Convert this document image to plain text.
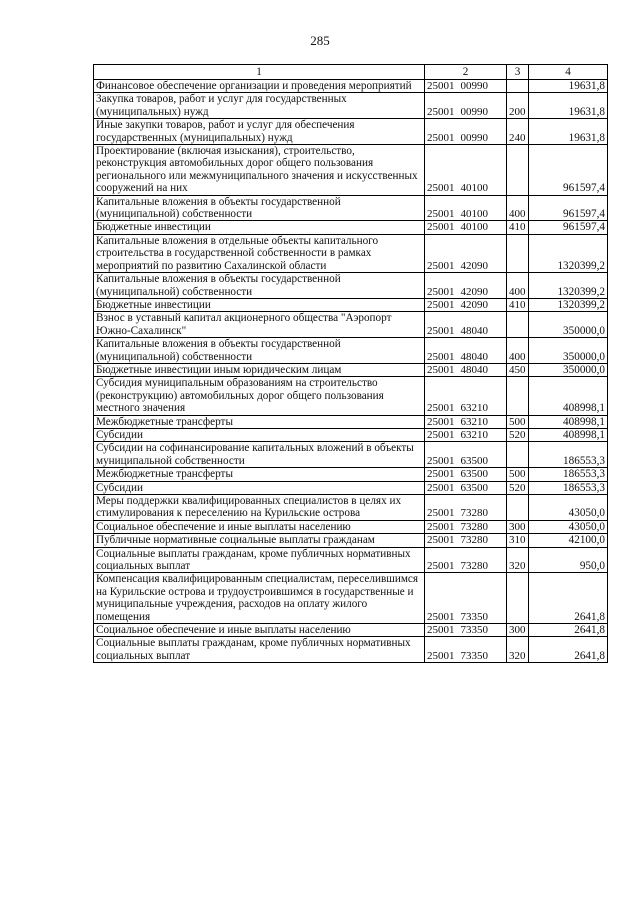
285
1	2	3	4
Финансовое обеспечение организации и проведения мероприятий	25001 00990		19631,8
Закупка товаров, работ и услуг для государственных (муниципальных) нужд	25001 00990	200	19631,8
Иные закупки товаров, работ и услуг для обеспечения государственных (муниципальных) нужд	25001 00990	240	19631,8
Проектирование (включая изыскания), строительство, реконструкция автомобильных дорог общего пользования регионального или межмуниципального значения и искусственных сооружений на них	25001 40100		961597,4
Капитальные вложения в объекты государственной (муниципальной) собственности	25001 40100	400	961597,4
Бюджетные инвестиции	25001 40100	410	961597,4
Капитальные вложения в отдельные объекты капитального строительства в государственной собственности в рамках мероприятий по развитию Сахалинской области	25001 42090		1320399,2
Капитальные вложения в объекты государственной (муниципальной) собственности	25001 42090	400	1320399,2
Бюджетные инвестиции	25001 42090	410	1320399,2
Взнос в уставный капитал акционерного общества "Аэропорт Южно-Сахалинск"	25001 48040		350000,0
Капитальные вложения в объекты государственной (муниципальной) собственности	25001 48040	400	350000,0
Бюджетные инвестиции иным юридическим лицам	25001 48040	450	350000,0
Субсидия муниципальным образованиям на строительство (реконструкцию) автомобильных дорог общего пользования местного значения	25001 63210		408998,1
Межбюджетные трансферты	25001 63210	500	408998,1
Субсидии	25001 63210	520	408998,1
Субсидии на софинансирование капитальных вложений в объекты муниципальной собственности	25001 63500		186553,3
Межбюджетные трансферты	25001 63500	500	186553,3
Субсидии	25001 63500	520	186553,3
Меры поддержки квалифицированных специалистов в целях их стимулирования к переселению на Курильские острова	25001 73280		43050,0
Социальное обеспечение и иные выплаты населению	25001 73280	300	43050,0
Публичные нормативные социальные выплаты гражданам	25001 73280	310	42100,0
Социальные выплаты гражданам, кроме публичных нормативных социальных выплат	25001 73280	320	950,0
Компенсация квалифицированным специалистам, переселившимся на Курильские острова и трудоустроившимся в государственные и муниципальные учреждения, расходов на оплату жилого помещения	25001 73350		2641,8
Социальное обеспечение и иные выплаты населению	25001 73350	300	2641,8
Социальные выплаты гражданам, кроме публичных нормативных социальных выплат	25001 73350	320	2641,8
